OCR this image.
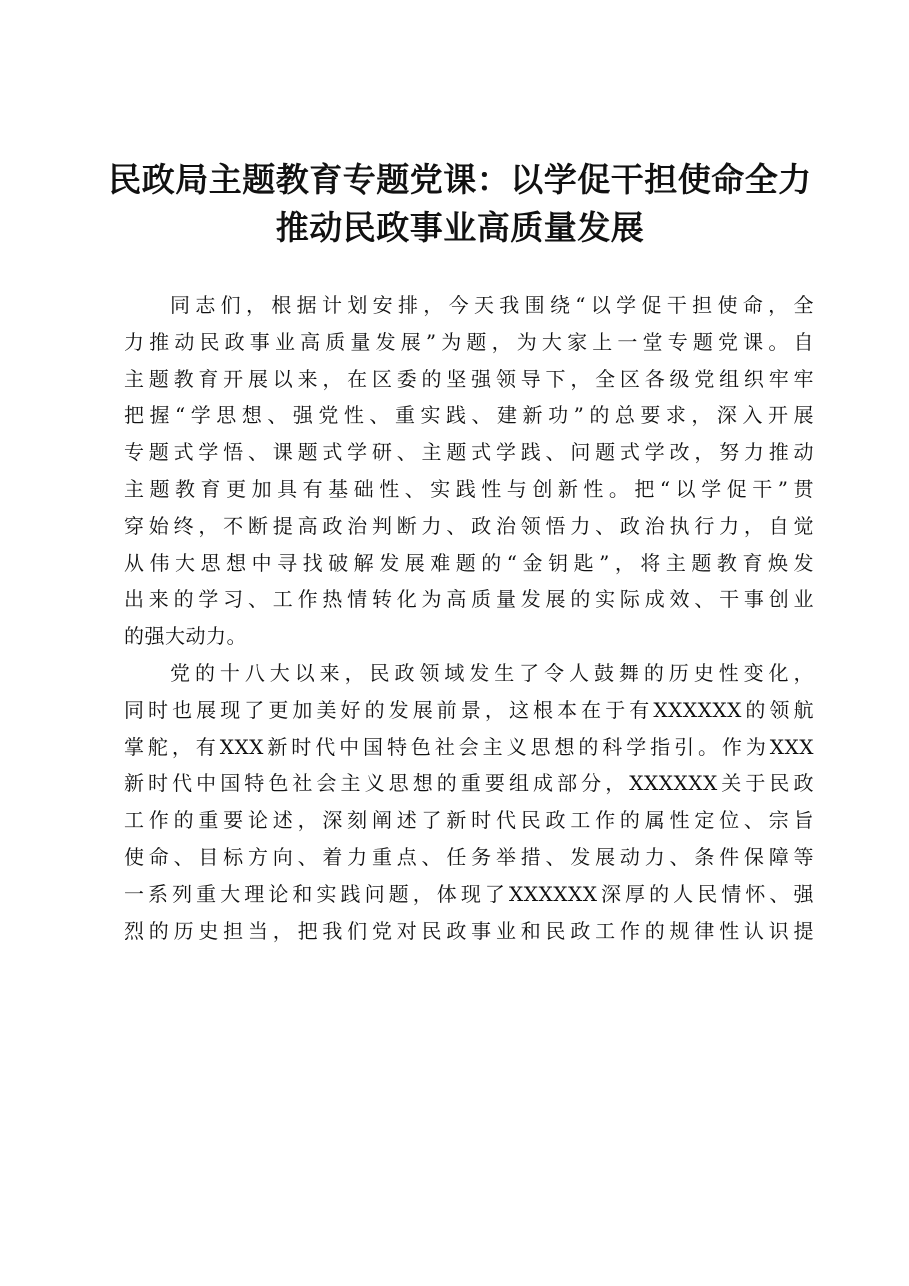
民政局主题教育专题党课：以学促干担使命全力
推动民政事业高质量发展

同志们，根据计划安排，今天我围绕“以学促干担使命，全
力推动民政事业高质量发展”为题，为大家上一堂专题党课。自
主题教育开展以来，在区委的坚强领导下，全区各级党组织牢牢
把握“学思想、强党性、重实践、建新功”的总要求，深入开展
专题式学悟、课题式学研、主题式学践、问题式学改，努力推动
主题教育更加具有基础性、实践性与创新性。把“以学促干”贯
穿始终，不断提高政治判断力、政治领悟力、政治执行力，自觉
从伟大思想中寻找破解发展难题的“金钥匙”，将主题教育焕发
出来的学习、工作热情转化为高质量发展的实际成效、干事创业
的强大动力。

党的十八大以来，民政领域发生了令人鼓舞的历史性变化，
同时也展现了更加美好的发展前景，这根本在于有XXXXXX的领航
掌舵，有XXX新时代中国特色社会主义思想的科学指引。作为XXX
新时代中国特色社会主义思想的重要组成部分，XXXXXX关于民政
工作的重要论述，深刻阐述了新时代民政工作的属性定位、宗旨
使命、目标方向、着力重点、任务举措、发展动力、条件保障等
一系列重大理论和实践问题，体现了XXXXXX深厚的人民情怀、强
烈的历史担当，把我们党对民政事业和民政工作的规律性认识提
